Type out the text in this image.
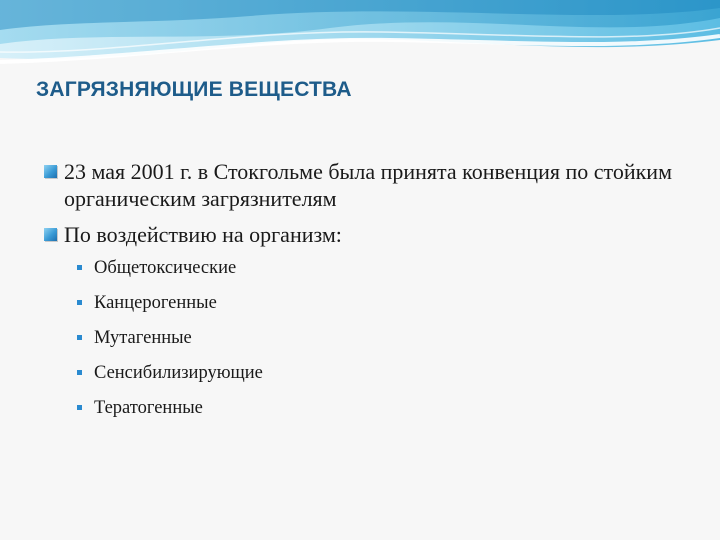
ЗАГРЯЗНЯЮЩИЕ ВЕЩЕСТВА
23 мая 2001 г. в Стокгольме была принята конвенция по стойким органическим загрязнителям
По воздействию на организм:
Общетоксические
Канцерогенные
Мутагенные
Сенсибилизирующие
Тератогенные
